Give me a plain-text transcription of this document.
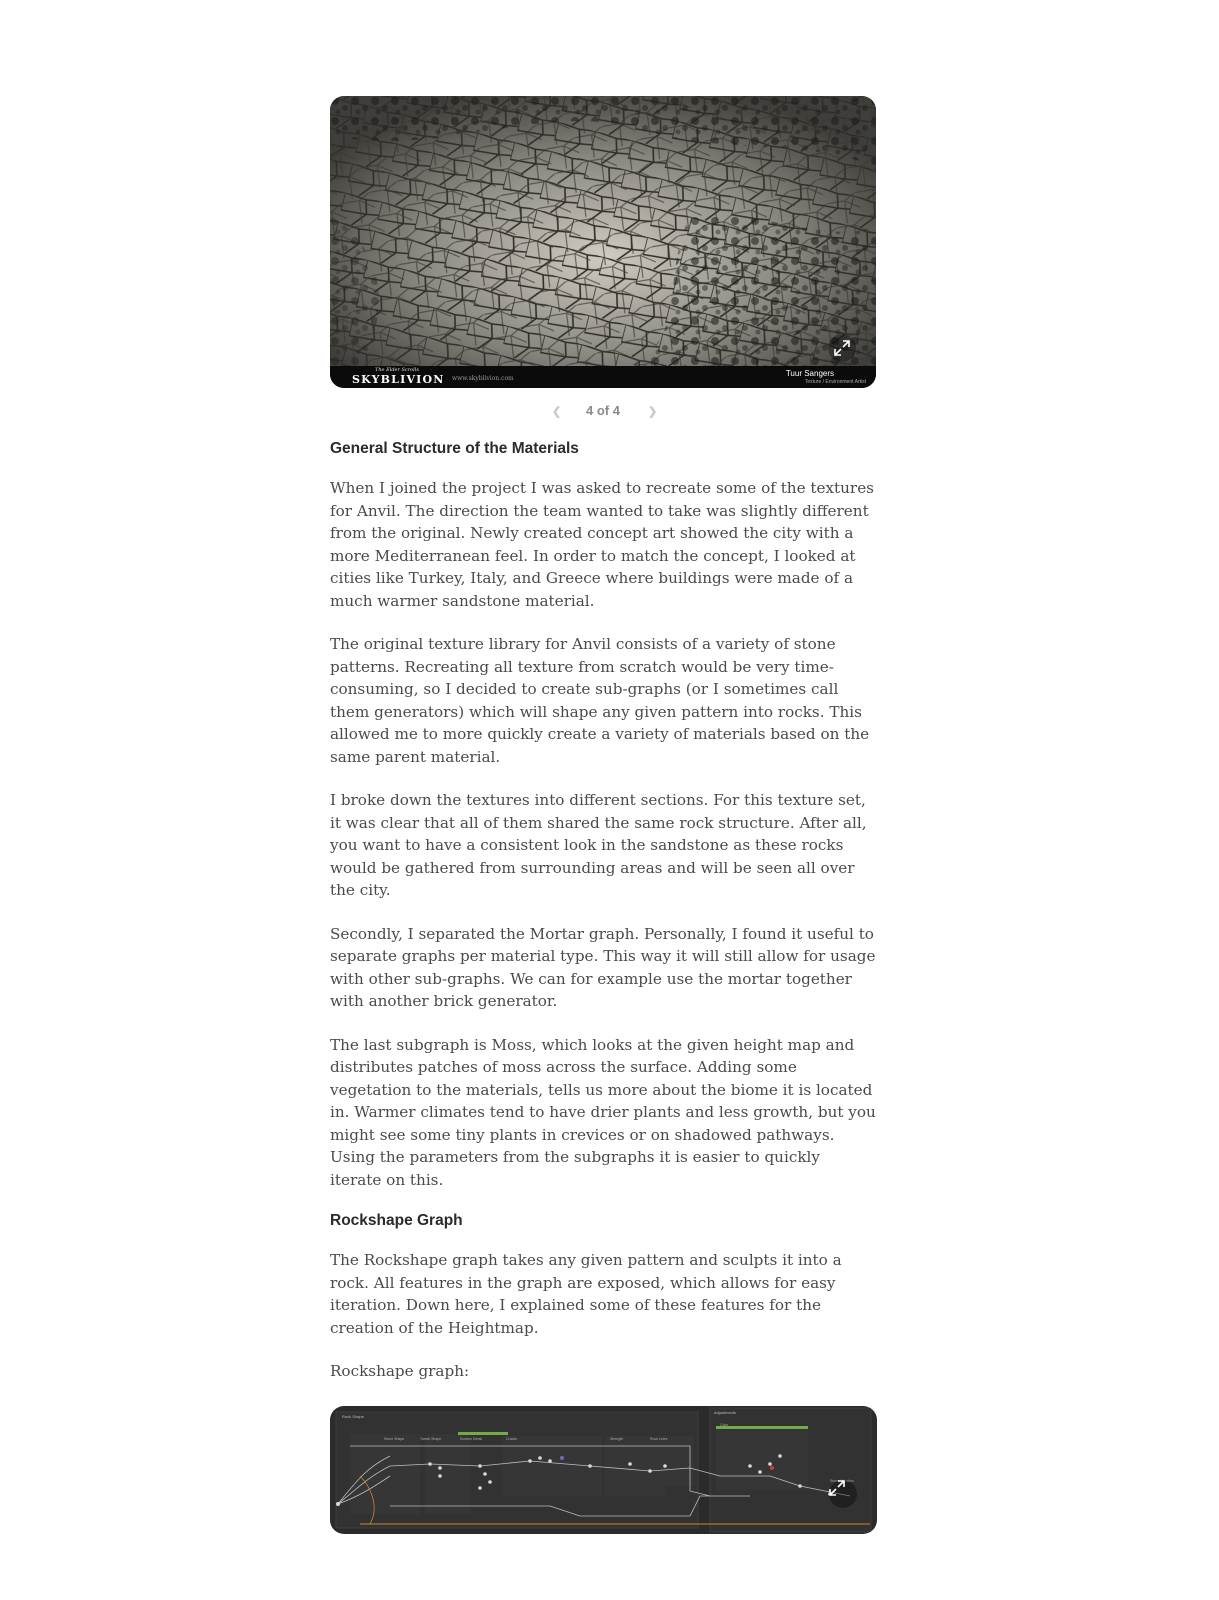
The Elder Scrolls
SKYBLIVION www.skyblivion.com
Tuur Sangers
Texture / Environment Artist
❮	4 of 4	❯
General Structure of the Materials

When I joined the project I was asked to recreate some of the textures for Anvil. The direction the team wanted to take was slightly different from the original. Newly created concept art showed the city with a more Mediterranean feel. In order to match the concept, I looked at cities like Turkey, Italy, and Greece where buildings were made of a much warmer sandstone material.

The original texture library for Anvil consists of a variety of stone patterns. Recreating all texture from scratch would be very time-consuming, so I decided to create sub-graphs (or I sometimes call them generators) which will shape any given pattern into rocks. This allowed me to more quickly create a variety of materials based on the same parent material.

I broke down the textures into different sections. For this texture set, it was clear that all of them shared the same rock structure. After all, you want to have a consistent look in the sandstone as these rocks would be gathered from surrounding areas and will be seen all over the city.

Secondly, I separated the Mortar graph. Personally, I found it useful to separate graphs per material type. This way it will still allow for usage with other sub-graphs. We can for example use the mortar together with another brick generator.

The last subgraph is Moss, which looks at the given height map and distributes patches of moss across the surface. Adding some vegetation to the materials, tells us more about the biome it is located in. Warmer climates tend to have drier plants and less growth, but you might see some tiny plants in crevices or on shadowed pathways. Using the parameters from the subgraphs it is easier to quickly iterate on this.

Rockshape Graph

The Rockshape graph takes any given pattern and sculpts it into a rock. All features in the graph are exposed, which allows for easy iteration. Down here, I explained some of these features for the creation of the Heightmap.

Rockshape graph:

Rock Shape
Adjustments
Stone Shape	Tweak Shape	Surface Detail	Cracks	Strength	Rock Lines
Color
Stone Variation
